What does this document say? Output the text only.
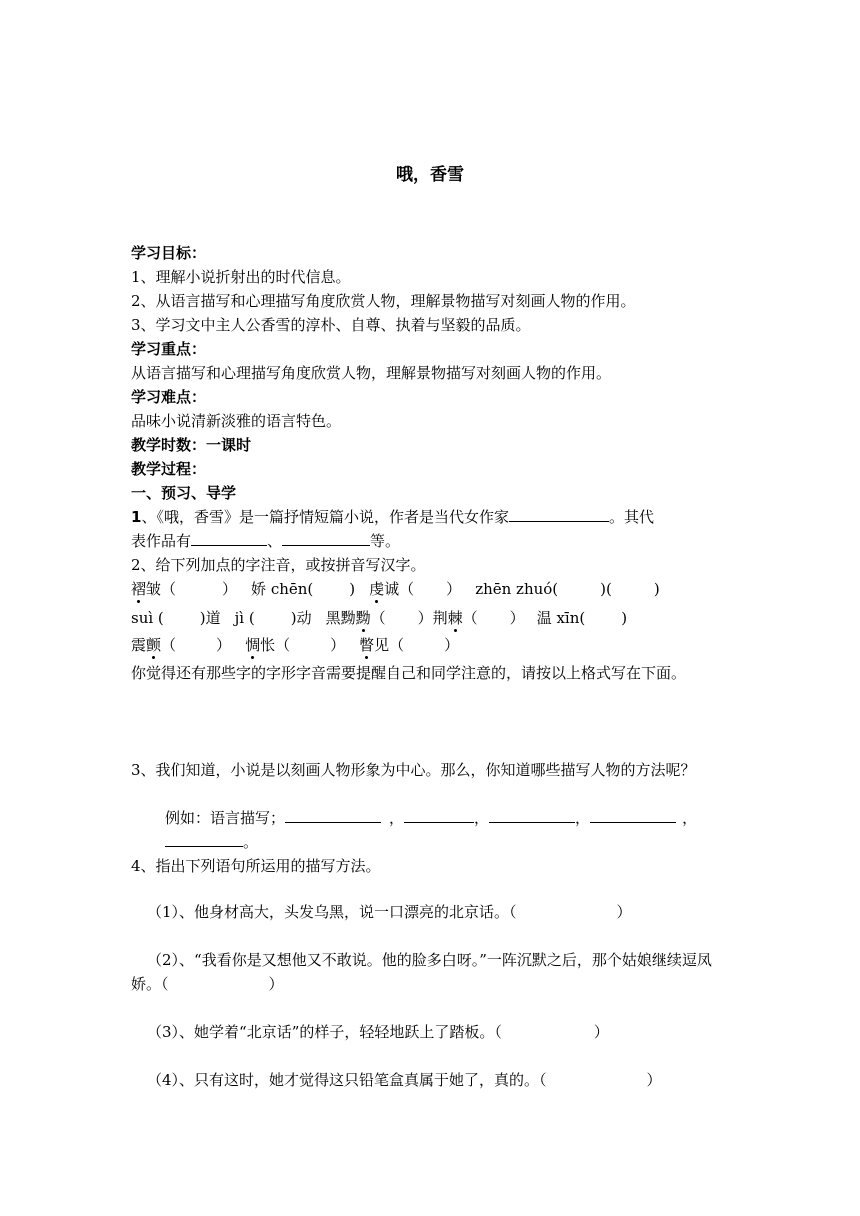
哦，香雪
学习目标：
1、理解小说折射出的时代信息。
2、从语言描写和心理描写角度欣赏人物，理解景物描写对刻画人物的作用。
3、学习文中主人公香雪的淳朴、自尊、执着与坚毅的品质。
学习重点：
从语言描写和心理描写角度欣赏人物，理解景物描写对刻画人物的作用。
学习难点：
品味小说清新淡雅的语言特色。
教学时数：一课时
教学过程：
一、预习、导学
1、《哦，香雪》是一篇抒情短篇小说，作者是当代女作家	。其代
表作品有	、	等。
2、给下列加点的字注音，或按拼音写汉字。
褶皱（	） 娇 chēn( ) 虔诚（ ） zhēn zhuó(	)(	)
suì ( )道 jì ( )动 黑黝黝（ ）荆棘（ ） 温 xīn( )
震颤（	） 惆怅（	） 瞥见（	）
你觉得还有那些字的字形字音需要提醒自己和同学注意的，请按以上格式写在下面。
3、我们知道，小说是以刻画人物形象为中心。那么，你知道哪些描写人物的方法呢？
例如：语言描写；	，	，	，	，
。
4、指出下列语句所运用的描写方法。
（1）、他身材高大，头发乌黑，说一口漂亮的北京话。（	）
（2）、“我看你是又想他又不敢说。他的脸多白呀。”一阵沉默之后，那个姑娘继续逗凤娇。（	）
（3）、她学着“北京话”的样子，轻轻地跃上了踏板。（	）
（4）、只有这时，她才觉得这只铅笔盒真属于她了，真的。（	）
